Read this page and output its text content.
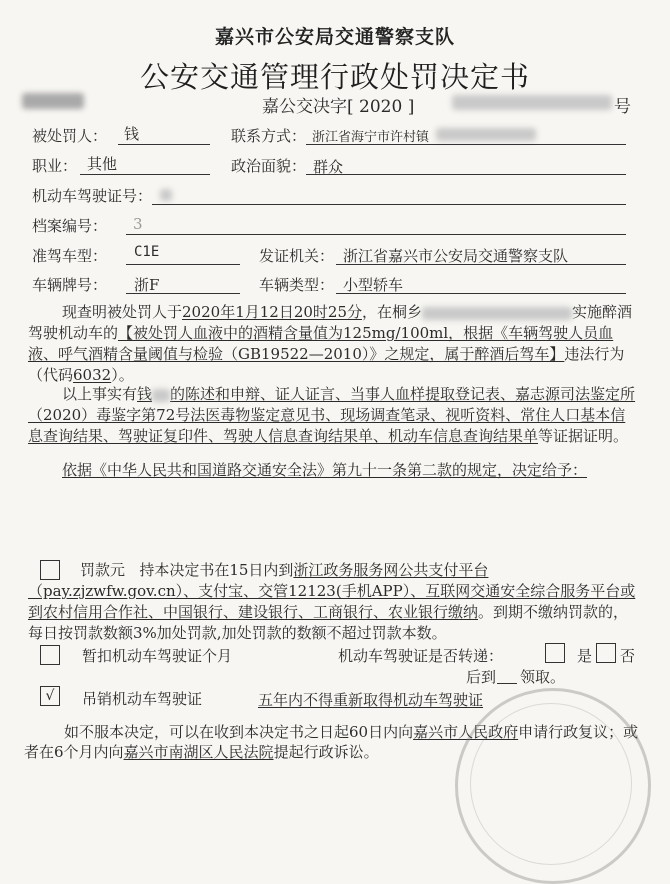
嘉兴市公安局交通警察支队
公安交通管理行政处罚决定书
嘉公交决字[ 2020 ]	号
被处罚人： 钱	联系方式： 浙江省海宁市许村镇
职业： 其他	政治面貌： 群众
机动车驾驶证号：
档案编号： 3
准驾车型： C1E	发证机关： 浙江省嘉兴市公安局交通警察支队
车辆牌号： 浙F	车辆类型： 小型轿车
现查明被处罚人于2020年1月12日20时25分，在桐乡	实施醉酒驾驶机动车的【被处罚人血液中的酒精含量值为125mg/100ml，根据《车辆驾驶人员血液、呼气酒精含量阈值与检验（GB19522—2010）》之规定，属于醉酒后驾车】违法行为（代码6032）。
以上事实有钱 的陈述和申辩、证人证言、当事人血样提取登记表、嘉志源司法鉴定所（2020）毒鉴字第72号法医毒物鉴定意见书、现场调查笔录、视听资料、常住人口基本信息查询结果、驾驶证复印件、驾驶人信息查询结果单、机动车信息查询结果单等证据证明。
依据《中华人民共和国道路交通安全法》第九十一条第二款的规定，决定给予：
罚款元 持本决定书在15日内到浙江政务服务网公共支付平台（pay.zjzwfw.gov.cn）、支付宝、交管12123(手机APP）、互联网交通安全综合服务平台或到农村信用合作社、中国银行、建设银行、工商银行、农业银行缴纳。到期不缴纳罚款的，每日按罚款数额3%加处罚款,加处罚款的数额不超过罚款本数。
暂扣机动车驾驶证个月	机动车驾驶证是否转递：	是 否
后到 领取。
√	吊销机动车驾驶证	五年内不得重新取得机动车驾驶证
如不服本决定，可以在收到本决定书之日起60日内向嘉兴市人民政府申请行政复议；或者在6个月内向嘉兴市南湖区人民法院提起行政诉讼。
